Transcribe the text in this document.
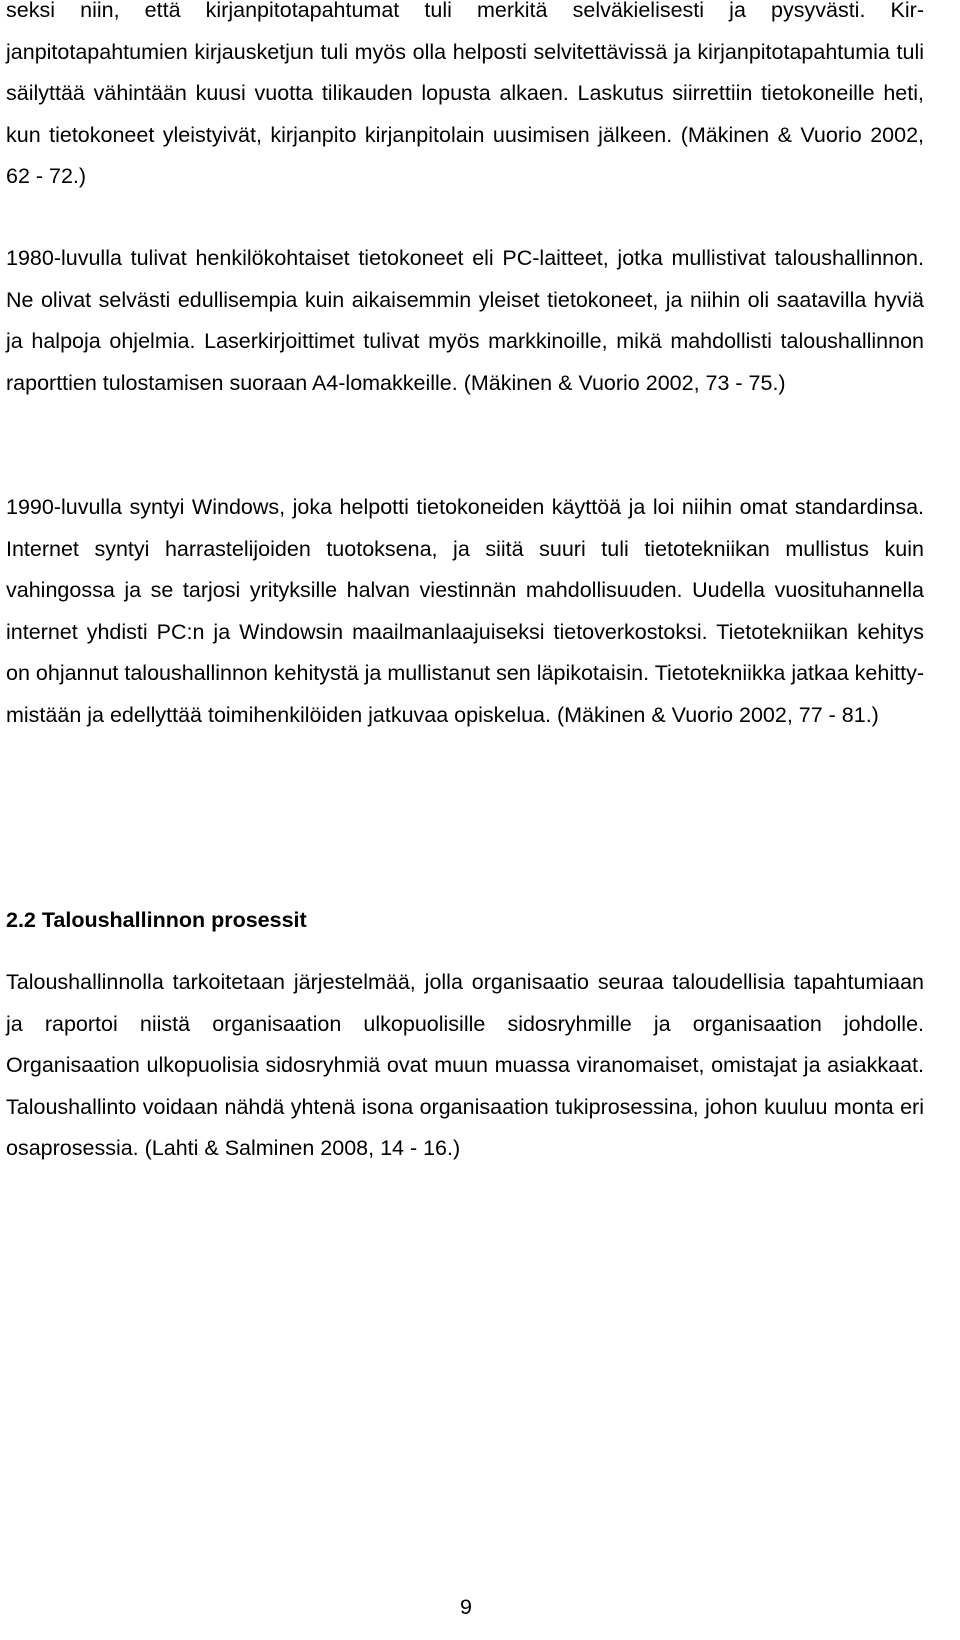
seksi niin, että kirjanpitotapahtumat tuli merkitä selväkielisesti ja pysyvästi. Kirjanpitotapahtumien kirjausketjun tuli myös olla helposti selvitettävissä ja kirjanpitotapahtumia tuli säilyttää vähintään kuusi vuotta tilikauden lopusta alkaen. Laskutus siirrettiin tietokoneille heti, kun tietokoneet yleistyivät, kirjanpito kirjanpitolain uusimisen jälkeen. (Mäkinen & Vuorio 2002, 62 - 72.)

1980-luvulla tulivat henkilökohtaiset tietokoneet eli PC-laitteet, jotka mullistivat taloushallinnon. Ne olivat selvästi edullisempia kuin aikaisemmin yleiset tietokoneet, ja niihin oli saatavilla hyviä ja halpoja ohjelmia. Laserkirjoittimet tulivat myös markkinoille, mikä mahdollisti taloushallinnon raporttien tulostamisen suoraan A4-lomakkeille. (Mäkinen & Vuorio 2002, 73 - 75.)

1990-luvulla syntyi Windows, joka helpotti tietokoneiden käyttöä ja loi niihin omat standardinsa. Internet syntyi harrastelijoiden tuotoksena, ja siitä suuri tuli tietotekniikan mullistus kuin vahingossa ja se tarjosi yrityksille halvan viestinnän mahdollisuuden. Uudella vuosituhannella internet yhdisti PC:n ja Windowsin maailmanlaajuiseksi tietoverkostoksi. Tietotekniikan kehitys on ohjannut taloushallinnon kehitystä ja mullistanut sen läpikotaisin. Tietotekniikka jatkaa kehittymistään ja edellyttää toimihenkilöiden jatkuvaa opiskelua. (Mäkinen & Vuorio 2002, 77 - 81.)

2.2 Taloushallinnon prosessit

Taloushallinnolla tarkoitetaan järjestelmää, jolla organisaatio seuraa taloudellisia tapahtumiaan ja raportoi niistä organisaation ulkopuolisille sidosryhmille ja organisaation johdolle. Organisaation ulkopuolisia sidosryhmiä ovat muun muassa viranomaiset, omistajat ja asiakkaat. Taloushallinto voidaan nähdä yhtenä isona organisaation tukiprosessina, johon kuuluu monta eri osaprosessia. (Lahti & Salminen 2008, 14 - 16.)

9
